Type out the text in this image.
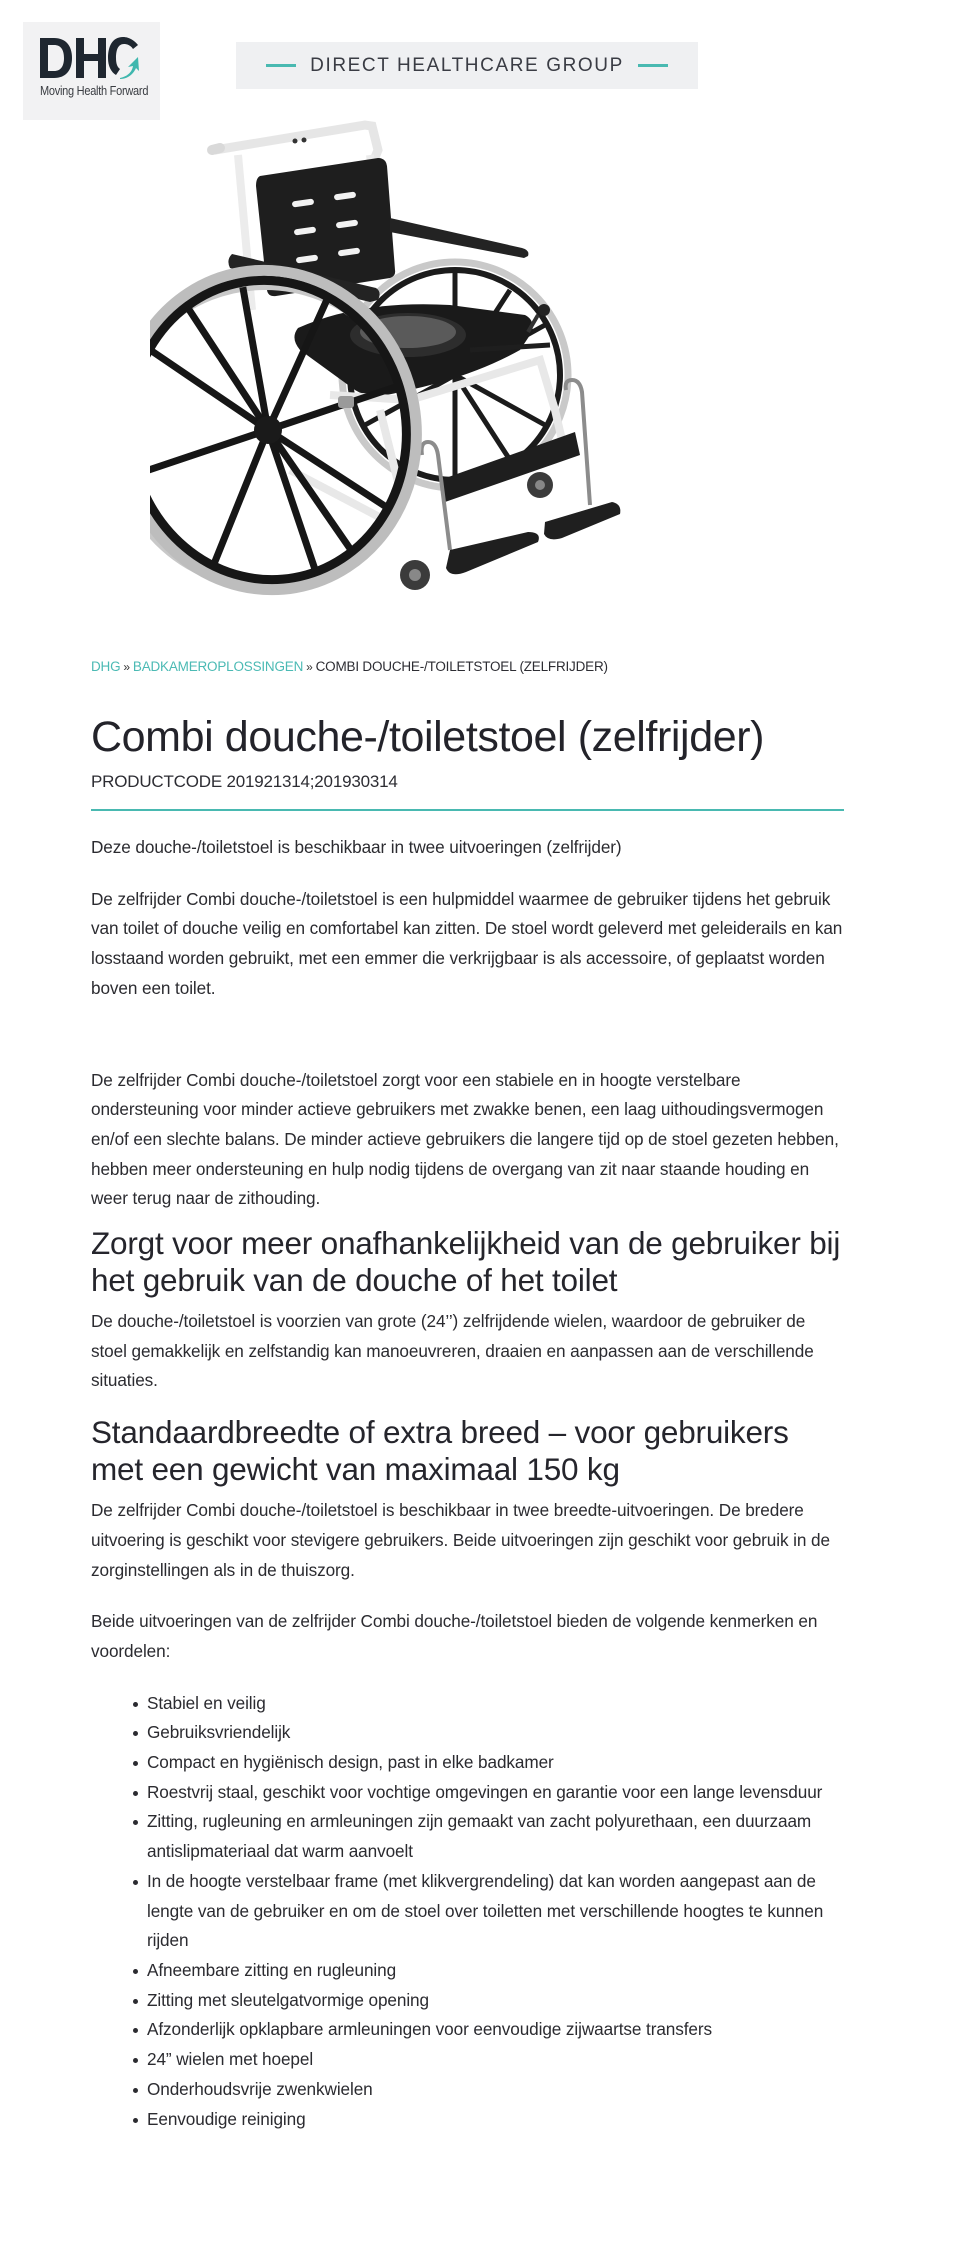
Moving Health Forward
DIRECT HEALTHCARE GROUP
DHG » BADKAMEROPLOSSINGEN » COMBI DOUCHE-/TOILETSTOEL (ZELFRIJDER)
Combi douche-/toiletstoel (zelfrijder)
PRODUCTCODE 201921314;201930314

Deze douche-/toiletstoel is beschikbaar in twee uitvoeringen (zelfrijder)

De zelfrijder Combi douche-/toiletstoel is een hulpmiddel waarmee de gebruiker tijdens het gebruik van toilet of douche veilig en comfortabel kan zitten. De stoel wordt geleverd met geleiderails en kan losstaand worden gebruikt, met een emmer die verkrijgbaar is als accessoire, of geplaatst worden boven een toilet.

De zelfrijder Combi douche-/toiletstoel zorgt voor een stabiele en in hoogte verstelbare ondersteuning voor minder actieve gebruikers met zwakke benen, een laag uithoudingsvermogen en/of een slechte balans. De minder actieve gebruikers die langere tijd op de stoel gezeten hebben, hebben meer ondersteuning en hulp nodig tijdens de overgang van zit naar staande houding en weer terug naar de zithouding.

Zorgt voor meer onafhankelijkheid van de gebruiker bij het gebruik van de douche of het toilet

De douche-/toiletstoel is voorzien van grote (24’’) zelfrijdende wielen, waardoor de gebruiker de stoel gemakkelijk en zelfstandig kan manoeuvreren, draaien en aanpassen aan de verschillende situaties.

Standaardbreedte of extra breed – voor gebruikers met een gewicht van maximaal 150 kg

De zelfrijder Combi douche-/toiletstoel is beschikbaar in twee breedte-uitvoeringen. De bredere uitvoering is geschikt voor stevigere gebruikers. Beide uitvoeringen zijn geschikt voor gebruik in de zorginstellingen als in de thuiszorg.

Beide uitvoeringen van de zelfrijder Combi douche-/toiletstoel bieden de volgende kenmerken en voordelen:

Stabiel en veilig
Gebruiksvriendelijk
Compact en hygiënisch design, past in elke badkamer
Roestvrij staal, geschikt voor vochtige omgevingen en garantie voor een lange levensduur
Zitting, rugleuning en armleuningen zijn gemaakt van zacht polyurethaan, een duurzaam antislipmateriaal dat warm aanvoelt
In de hoogte verstelbaar frame (met klikvergrendeling) dat kan worden aangepast aan de lengte van de gebruiker en om de stoel over toiletten met verschillende hoogtes te kunnen rijden
Afneembare zitting en rugleuning
Zitting met sleutelgatvormige opening
Afzonderlijk opklapbare armleuningen voor eenvoudige zijwaartse transfers
24” wielen met hoepel
Onderhoudsvrije zwenkwielen
Eenvoudige reiniging
